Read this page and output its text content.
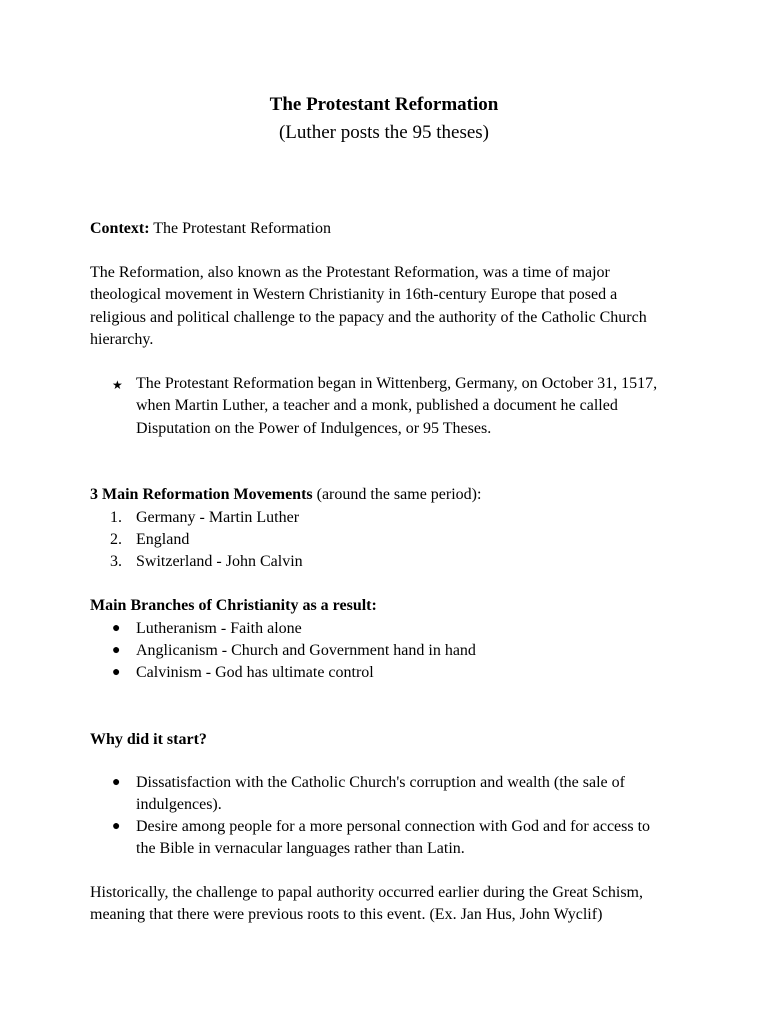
The Protestant Reformation
(Luther posts the 95 theses)
Context: The Protestant Reformation
The Reformation, also known as the Protestant Reformation, was a time of major
theological movement in Western Christianity in 16th-century Europe that posed a
religious and political challenge to the papacy and the authority of the Catholic Church
hierarchy.
★ The Protestant Reformation began in Wittenberg, Germany, on October 31, 1517,
when Martin Luther, a teacher and a monk, published a document he called
Disputation on the Power of Indulgences, or 95 Theses.
3 Main Reformation Movements (around the same period):
1. Germany - Martin Luther
2. England
3. Switzerland - John Calvin
Main Branches of Christianity as a result:
● Lutheranism - Faith alone
● Anglicanism - Church and Government hand in hand
● Calvinism - God has ultimate control
Why did it start?
● Dissatisfaction with the Catholic Church's corruption and wealth (the sale of
indulgences).
● Desire among people for a more personal connection with God and for access to
the Bible in vernacular languages rather than Latin.
Historically, the challenge to papal authority occurred earlier during the Great Schism,
meaning that there were previous roots to this event. (Ex. Jan Hus, John Wyclif)
